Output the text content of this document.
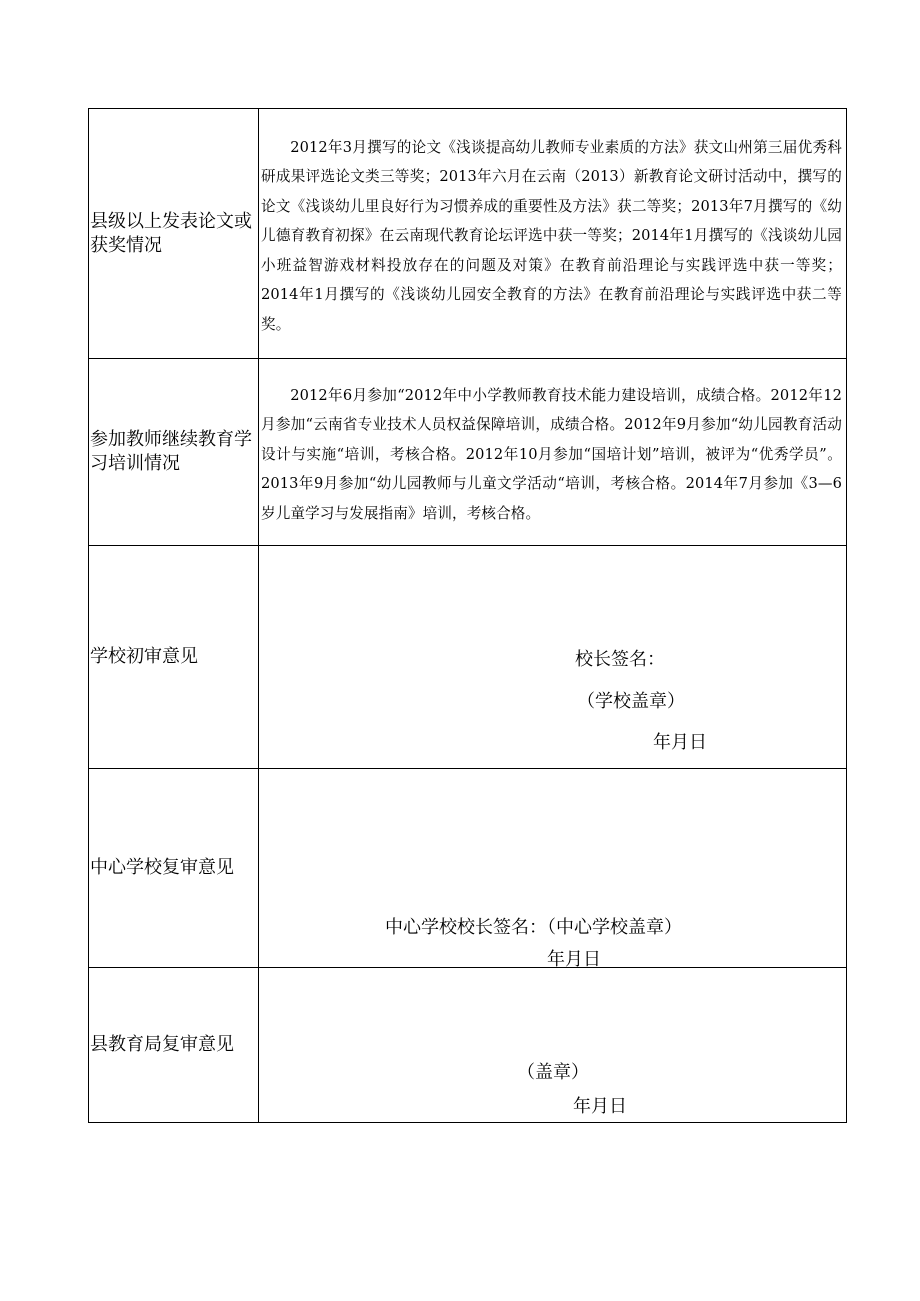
县级以上发表论文或获奖情况	2012年3月撰写的论文《浅谈提高幼儿教师专业素质的方法》获文山州第三届优秀科研成果评选论文类三等奖；2013年六月在云南（2013）新教育论文研讨活动中，撰写的论文《浅谈幼儿里良好行为习惯养成的重要性及方法》获二等奖；2013年7月撰写的《幼儿德育教育初探》在云南现代教育论坛评选中获一等奖；2014年1月撰写的《浅谈幼儿园小班益智游戏材料投放存在的问题及对策》在教育前沿理论与实践评选中获一等奖；2014年1月撰写的《浅谈幼儿园安全教育的方法》在教育前沿理论与实践评选中获二等奖。

参加教师继续教育学习培训情况	2012年6月参加“2012年中小学教师教育技术能力建设培训，成绩合格。2012年12月参加“云南省专业技术人员权益保障培训，成绩合格。2012年9月参加“幼儿园教育活动设计与实施“培训，考核合格。2012年10月参加“国培计划”培训，被评为“优秀学员”。2013年9月参加“幼儿园教师与儿童文学活动“培训，考核合格。2014年7月参加《3—6岁儿童学习与发展指南》培训，考核合格。

学校初审意见	校长签名：
（学校盖章）
年月日

中心学校复审意见	中心学校校长签名：（中心学校盖章）
年月日

县教育局复审意见	（盖章）
年月日
